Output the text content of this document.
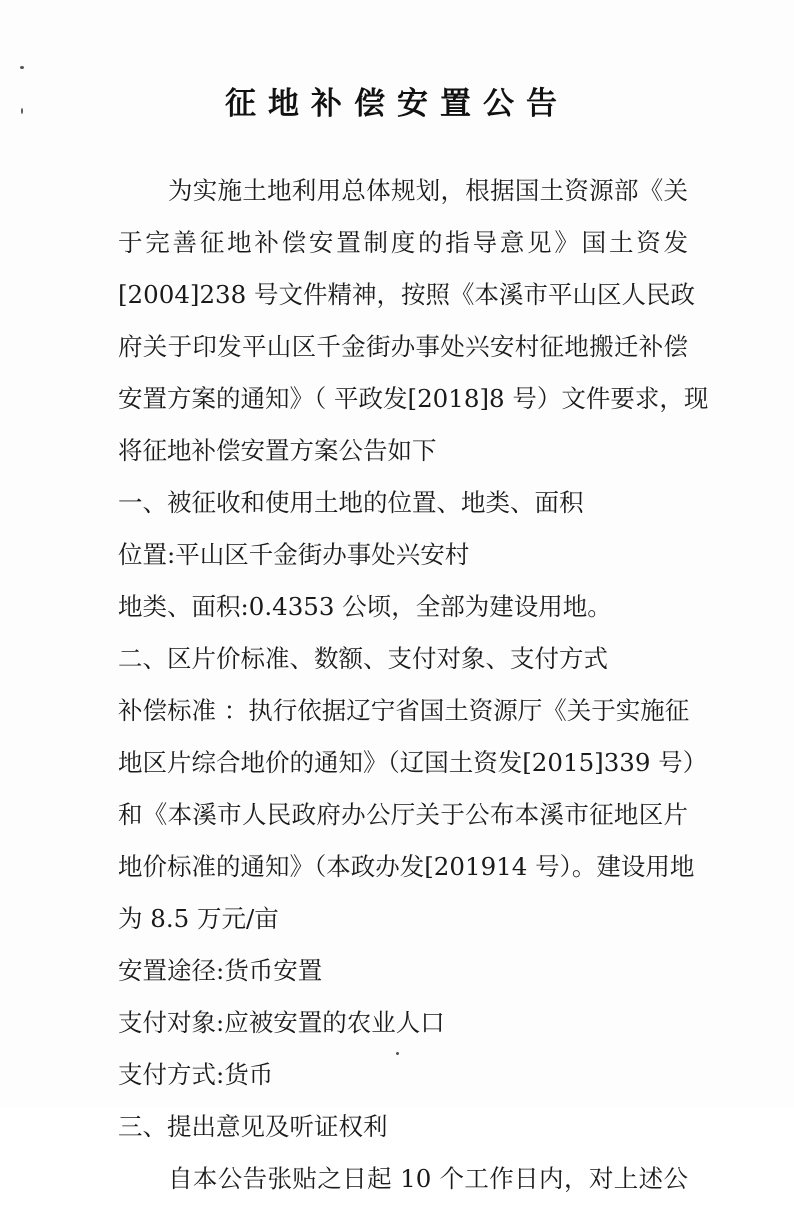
征地补偿安置公告
为实施土地利用总体规划，根据国土资源部《关
于完善征地补偿安置制度的指导意见》国土资发
[2004]238 号文件精神，按照《本溪市平山区人民政
府关于印发平山区千金街办事处兴安村征地搬迁补偿
安置方案的通知》（ 平政发[2018]8 号）文件要求，现
将征地补偿安置方案公告如下
一、被征收和使用土地的位置、地类、面积
位置:平山区千金街办事处兴安村
地类、面积:0.4353 公顷，全部为建设用地。
二、区片价标准、数额、支付对象、支付方式
补偿标准 ：执行依据辽宁省国土资源厅《关于实施征
地区片综合地价的通知》（辽国土资发[2015]339 号）
和《本溪市人民政府办公厅关于公布本溪市征地区片
地价标准的通知》（本政办发[201914 号）。建设用地
为 8.5 万元/亩
安置途径:货币安置
支付对象:应被安置的农业人口
支付方式:货币
三、提出意见及听证权利
自本公告张贴之日起 10 个工作日内，对上述公
